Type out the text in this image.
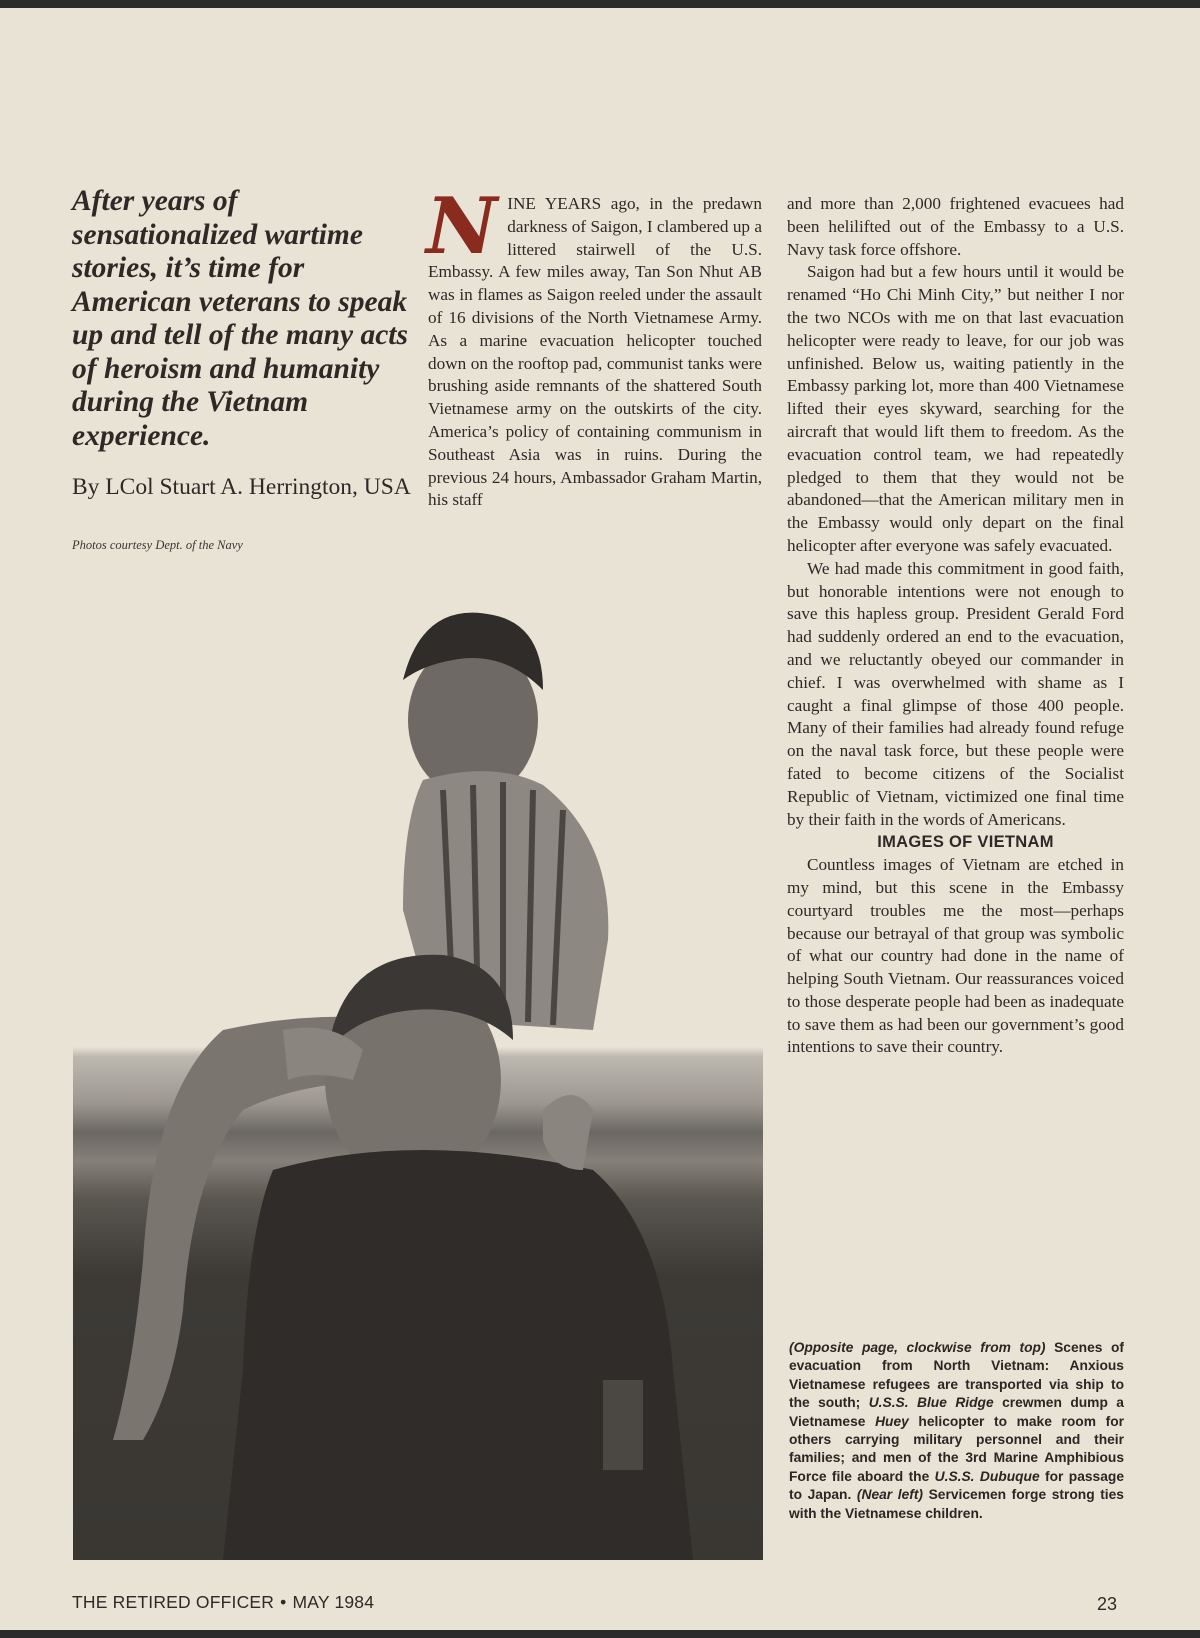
After years of sensationalized wartime stories, it’s time for American veterans to speak up and tell of the many acts of heroism and humanity during the Vietnam experience.

By LCol Stuart A. Herrington, USA

Photos courtesy Dept. of the Navy

NINE YEARS ago, in the predawn darkness of Saigon, I clambered up a littered stairwell of the U.S. Embassy. A few miles away, Tan Son Nhut AB was in flames as Saigon reeled under the assault of 16 divisions of the North Vietnamese Army. As a marine evacuation helicopter touched down on the rooftop pad, communist tanks were brushing aside remnants of the shattered South Vietnamese army on the outskirts of the city. America’s policy of containing communism in Southeast Asia was in ruins. During the previous 24 hours, Ambassador Graham Martin, his staff

and more than 2,000 frightened evacuees had been helilifted out of the Embassy to a U.S. Navy task force offshore.

Saigon had but a few hours until it would be renamed “Ho Chi Minh City,” but neither I nor the two NCOs with me on that last evacuation helicopter were ready to leave, for our job was unfinished. Below us, waiting patiently in the Embassy parking lot, more than 400 Vietnamese lifted their eyes skyward, searching for the aircraft that would lift them to freedom. As the evacuation control team, we had repeatedly pledged to them that they would not be abandoned—that the American military men in the Embassy would only depart on the final helicopter after everyone was safely evacuated.

We had made this commitment in good faith, but honorable intentions were not enough to save this hapless group. President Gerald Ford had suddenly ordered an end to the evacuation, and we reluctantly obeyed our commander in chief. I was overwhelmed with shame as I caught a final glimpse of those 400 people. Many of their families had already found refuge on the naval task force, but these people were fated to become citizens of the Socialist Republic of Vietnam, victimized one final time by their faith in the words of Americans.

IMAGES OF VIETNAM

Countless images of Vietnam are etched in my mind, but this scene in the Embassy courtyard troubles me the most—perhaps because our betrayal of that group was symbolic of what our country had done in the name of helping South Vietnam. Our reassurances voiced to those desperate people had been as inadequate to save them as had been our government’s good intentions to save their country.

(Opposite page, clockwise from top) Scenes of evacuation from North Vietnam: Anxious Vietnamese refugees are transported via ship to the south; U.S.S. Blue Ridge crewmen dump a Vietnamese Huey helicopter to make room for others carrying military personnel and their families; and men of the 3rd Marine Amphibious Force file aboard the U.S.S. Dubuque for passage to Japan. (Near left) Servicemen forge strong ties with the Vietnamese children.
THE RETIRED OFFICER • MAY 1984	23
